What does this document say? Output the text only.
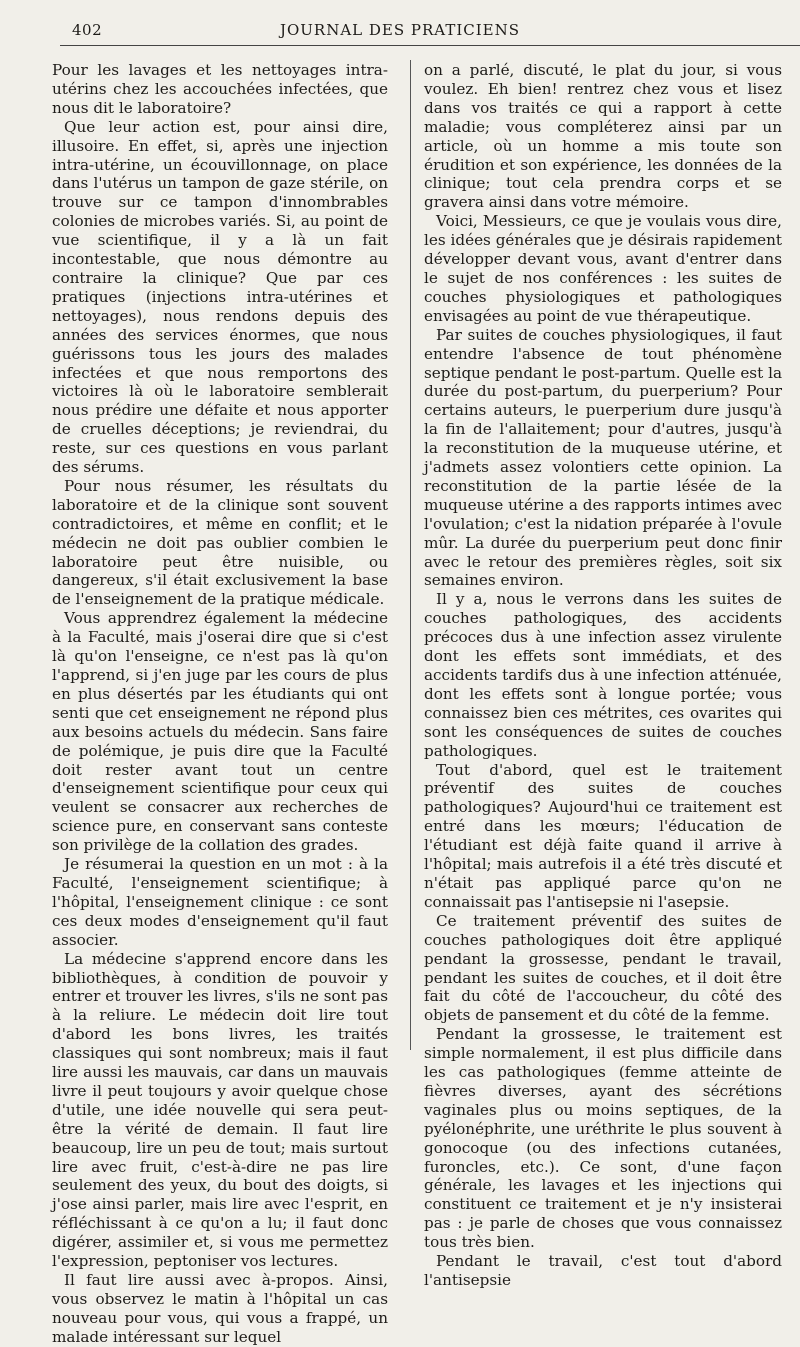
402	JOURNAL DES PRATICIENS

Pour les lavages et les nettoyages intra-utérins chez les accouchées infectées, que nous dit le laboratoire?

Que leur action est, pour ainsi dire, illusoire. En effet, si, après une injection intra-utérine, un écouvillonnage, on place dans l'utérus un tampon de gaze stérile, on trouve sur ce tampon d'innombrables colonies de microbes variés. Si, au point de vue scientifique, il y a là un fait incontestable, que nous démontre au contraire la clinique? Que par ces pratiques (injections intra-utérines et nettoyages), nous rendons depuis des années des services énormes, que nous guérissons tous les jours des malades infectées et que nous remportons des victoires là où le laboratoire semblerait nous prédire une défaite et nous apporter de cruelles déceptions; je reviendrai, du reste, sur ces questions en vous parlant des sérums.

Pour nous résumer, les résultats du laboratoire et de la clinique sont souvent contradictoires, et même en conflit; et le médecin ne doit pas oublier combien le laboratoire peut être nuisible, ou dangereux, s'il était exclusivement la base de l'enseignement de la pratique médicale.

Vous apprendrez également la médecine à la Faculté, mais j'oserai dire que si c'est là qu'on l'enseigne, ce n'est pas là qu'on l'apprend, si j'en juge par les cours de plus en plus désertés par les étudiants qui ont senti que cet enseignement ne répond plus aux besoins actuels du médecin. Sans faire de polémique, je puis dire que la Faculté doit rester avant tout un centre d'enseignement scientifique pour ceux qui veulent se consacrer aux recherches de science pure, en conservant sans conteste son privilège de la collation des grades.

Je résumerai la question en un mot : à la Faculté, l'enseignement scientifique; à l'hôpital, l'enseignement clinique : ce sont ces deux modes d'enseignement qu'il faut associer.

La médecine s'apprend encore dans les bibliothèques, à condition de pouvoir y entrer et trouver les livres, s'ils ne sont pas à la reliure. Le médecin doit lire tout d'abord les bons livres, les traités classiques qui sont nombreux; mais il faut lire aussi les mauvais, car dans un mauvais livre il peut toujours y avoir quelque chose d'utile, une idée nouvelle qui sera peut-être la vérité de demain. Il faut lire beaucoup, lire un peu de tout; mais surtout lire avec fruit, c'est-à-dire ne pas lire seulement des yeux, du bout des doigts, si j'ose ainsi parler, mais lire avec l'esprit, en réfléchissant à ce qu'on a lu; il faut donc digérer, assimiler et, si vous me permettez l'expression, peptoniser vos lectures.

Il faut lire aussi avec à-propos. Ainsi, vous observez le matin à l'hôpital un cas nouveau pour vous, qui vous a frappé, un malade intéressant sur lequel

on a parlé, discuté, le plat du jour, si vous voulez. Eh bien! rentrez chez vous et lisez dans vos traités ce qui a rapport à cette maladie; vous compléterez ainsi par un article, où un homme a mis toute son érudition et son expérience, les données de la clinique; tout cela prendra corps et se gravera ainsi dans votre mémoire.

Voici, Messieurs, ce que je voulais vous dire, les idées générales que je désirais rapidement développer devant vous, avant d'entrer dans le sujet de nos conférences : les suites de couches physiologiques et pathologiques envisagées au point de vue thérapeutique.

Par suites de couches physiologiques, il faut entendre l'absence de tout phénomène septique pendant le post-partum. Quelle est la durée du post-partum, du puerperium? Pour certains auteurs, le puerperium dure jusqu'à la fin de l'allaitement; pour d'autres, jusqu'à la reconstitution de la muqueuse utérine, et j'admets assez volontiers cette opinion. La reconstitution de la partie lésée de la muqueuse utérine a des rapports intimes avec l'ovulation; c'est la nidation préparée à l'ovule mûr. La durée du puerperium peut donc finir avec le retour des premières règles, soit six semaines environ.

Il y a, nous le verrons dans les suites de couches pathologiques, des accidents précoces dus à une infection assez virulente dont les effets sont immédiats, et des accidents tardifs dus à une infection atténuée, dont les effets sont à longue portée; vous connaissez bien ces métrites, ces ovarites qui sont les conséquences de suites de couches pathologiques.

Tout d'abord, quel est le traitement préventif des suites de couches pathologiques? Aujourd'hui ce traitement est entré dans les mœurs; l'éducation de l'étudiant est déjà faite quand il arrive à l'hôpital; mais autrefois il a été très discuté et n'était pas appliqué parce qu'on ne connaissait pas l'antisepsie ni l'asepsie.

Ce traitement préventif des suites de couches pathologiques doit être appliqué pendant la grossesse, pendant le travail, pendant les suites de couches, et il doit être fait du côté de l'accoucheur, du côté des objets de pansement et du côté de la femme.

Pendant la grossesse, le traitement est simple normalement, il est plus difficile dans les cas pathologiques (femme atteinte de fièvres diverses, ayant des sécrétions vaginales plus ou moins septiques, de la pyélonéphrite, une uréthrite le plus souvent à gonocoque (ou des infections cutanées, furoncles, etc.). Ce sont, d'une façon générale, les lavages et les injections qui constituent ce traitement et je n'y insisterai pas : je parle de choses que vous connaissez tous très bien.

Pendant le travail, c'est tout d'abord l'antisepsie
